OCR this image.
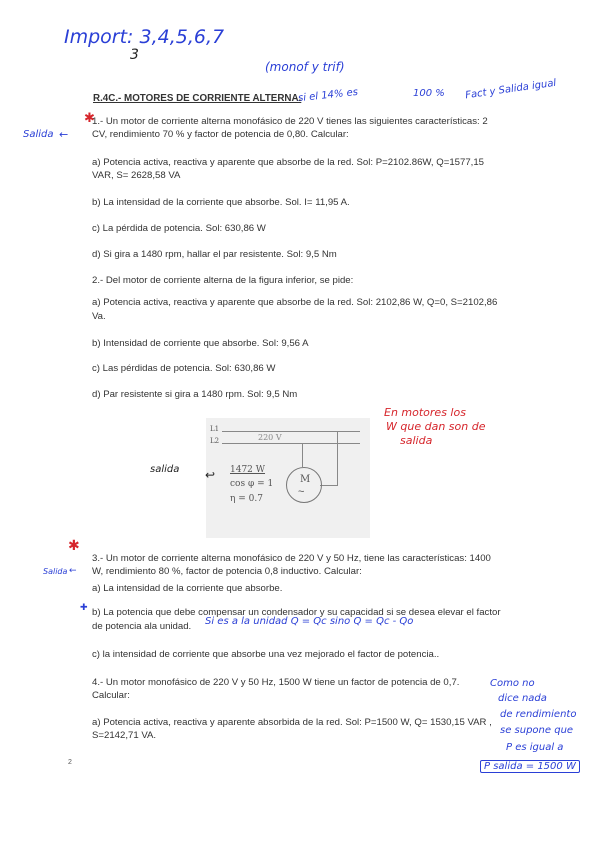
Import: 3,4,5,6,7
3
(monof y trif)
si el 14% es	100 % Fact y Salida igual
R.4C.- MOTORES DE CORRIENTE ALTERNA.
✱
Salida ←

1.- Un motor de corriente alterna monofásico de 220 V tienes las siguientes características: 2

CV, rendimiento 70 % y factor de potencia de 0,80. Calcular:

a) Potencia activa, reactiva y aparente que absorbe de la red. Sol: P=2102.86W, Q=1577,15

VAR, S= 2628,58 VA

b) La intensidad de la corriente que absorbe. Sol. I= 11,95 A.

c) La pérdida de potencia. Sol: 630,86 W

d) Si gira a 1480 rpm, hallar el par resistente. Sol: 9,5 Nm

2.- Del motor de corriente alterna de la figura inferior, se pide:

a) Potencia activa, reactiva y aparente que absorbe de la red. Sol: 2102,86 W, Q=0, S=2102,86

Va.

b) Intensidad de corriente que absorbe. Sol: 9,56 A

c) Las pérdidas de potencia. Sol: 630,86 W

d) Par resistente si gira a 1480 rpm. Sol: 9,5 Nm

L1
L2	220 V
1472 W
cos φ = 1
η = 0.7
M
~
salida ↩
En motores los
W que dan son de
salida
✱
Salida ←

3.- Un motor de corriente alterna monofásico de 220 V y 50 Hz, tiene las características: 1400

W, rendimiento 80 %, factor de potencia 0,8 inductivo. Calcular:

a) La intensidad de la corriente que absorbe.

✚ b) La potencia que debe compensar un condensador y su capacidad si se desea elevar el factor

de potencia ala unidad. Si es a la unidad Q = Qc sino Q = Qc - Qo

c) la intensidad de corriente que absorbe una vez mejorado el factor de potencia..

4.- Un motor monofásico de 220 V y 50 Hz, 1500 W tiene un factor de potencia de 0,7.

Calcular:

a) Potencia activa, reactiva y aparente absorbida de la red. Sol: P=1500 W, Q= 1530,15 VAR ,

S=2142,71 VA.

Como no
dice nada
de rendimiento
se supone que
P es igual a
P salida = 1500 W
2
